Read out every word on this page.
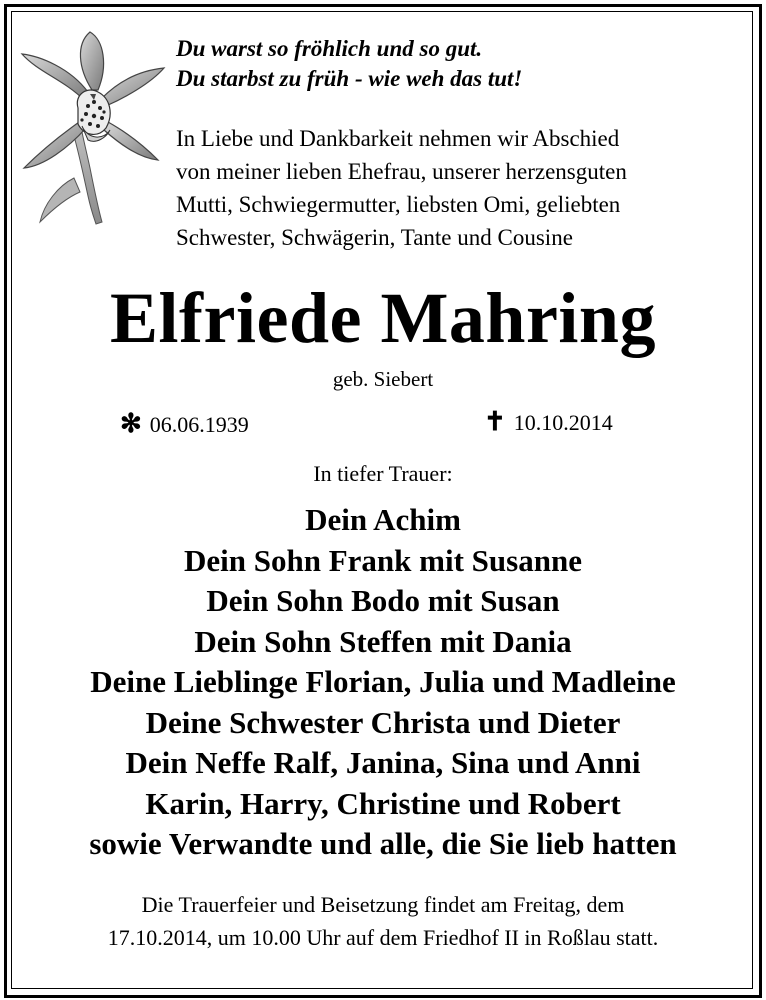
Du warst so fröhlich und so gut.
Du starbst zu früh - wie weh das tut!
In Liebe und Dankbarkeit nehmen wir Abschied
von meiner lieben Ehefrau, unserer herzensguten
Mutti, Schwiegermutter, liebsten Omi, geliebten
Schwester, Schwägerin, Tante und Cousine
Elfriede Mahring
geb. Siebert
✻ 06.06.1939	✝ 10.10.2014
In tiefer Trauer:
Dein Achim
Dein Sohn Frank mit Susanne
Dein Sohn Bodo mit Susan
Dein Sohn Steffen mit Dania
Deine Lieblinge Florian, Julia und Madleine
Deine Schwester Christa und Dieter
Dein Neffe Ralf, Janina, Sina und Anni
Karin, Harry, Christine und Robert
sowie Verwandte und alle, die Sie lieb hatten
Die Trauerfeier und Beisetzung findet am Freitag, dem
17.10.2014, um 10.00 Uhr auf dem Friedhof II in Roßlau statt.
